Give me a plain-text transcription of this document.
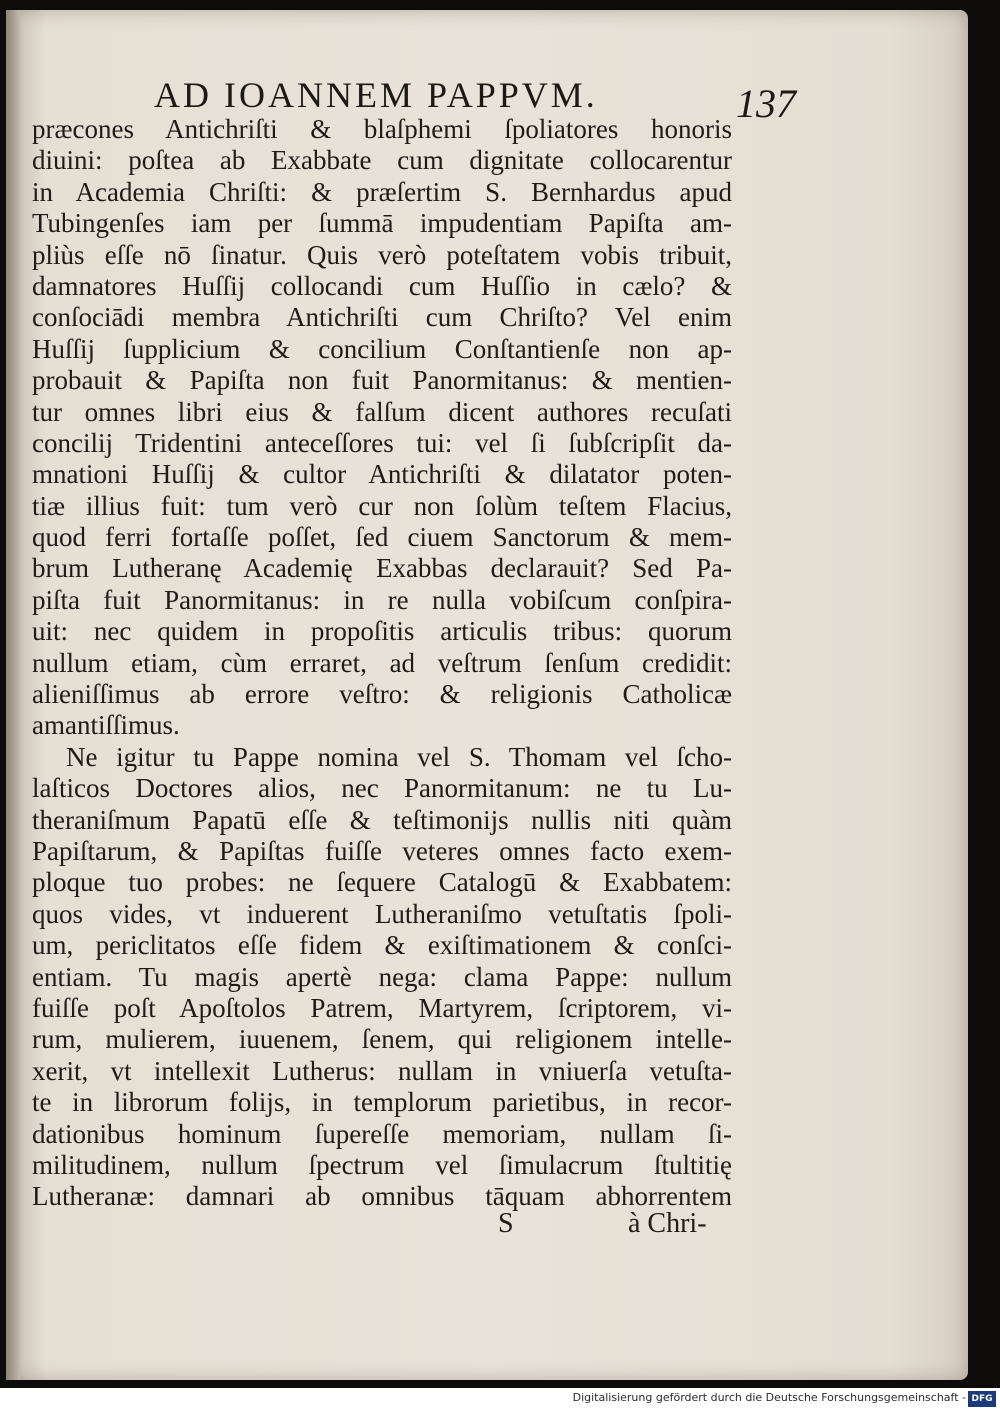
AD IOANNEM PAPPVM.	137
præcones Antichriſti & blaſphemi ſpoliatores honoris
diuini: poſtea ab Exabbate cum dignitate collocarentur
in Academia Chriſti: & præſertim S. Bernhardus apud
Tubingenſes iam per ſummā impudentiam Papiſta am-
pliùs eſſe nō ſinatur. Quis verò poteſtatem vobis tribuit,
damnatores Huſſij collocandi cum Huſſio in cælo? &
conſociādi membra Antichriſti cum Chriſto? Vel enim
Huſſij ſupplicium & concilium Conſtantienſe non ap-
probauit & Papiſta non fuit Panormitanus: & mentien-
tur omnes libri eius & falſum dicent authores recuſati
concilij Tridentini anteceſſores tui: vel ſi ſubſcripſit da-
mnationi Huſſij & cultor Antichriſti & dilatator poten-
tiæ illius fuit: tum verò cur non ſolùm teſtem Flacius,
quod ferri fortaſſe poſſet, ſed ciuem Sanctorum & mem-
brum Lutheranę Academię Exabbas declarauit? Sed Pa-
piſta fuit Panormitanus: in re nulla vobiſcum conſpira-
uit: nec quidem in propoſitis articulis tribus: quorum
nullum etiam, cùm erraret, ad veſtrum ſenſum credidit:
alieniſſimus ab errore veſtro: & religionis Catholicæ
amantiſſimus.
Ne igitur tu Pappe nomina vel S. Thomam vel ſcho-
laſticos Doctores alios, nec Panormitanum: ne tu Lu-
theraniſmum Papatū eſſe & teſtimonijs nullis niti quàm
Papiſtarum, & Papiſtas fuiſſe veteres omnes facto exem-
ploque tuo probes: ne ſequere Catalogū & Exabbatem:
quos vides, vt induerent Lutheraniſmo vetuſtatis ſpoli-
um, periclitatos eſſe fidem & exiſtimationem & conſci-
entiam. Tu magis apertè nega: clama Pappe: nullum
fuiſſe poſt Apoſtolos Patrem, Martyrem, ſcriptorem, vi-
rum, mulierem, iuuenem, ſenem, qui religionem intelle-
xerit, vt intellexit Lutherus: nullam in vniuerſa vetuſta-
te in librorum folijs, in templorum parietibus, in recor-
dationibus hominum ſupereſſe memoriam, nullam ſi-
militudinem, nullum ſpectrum vel ſimulacrum ſtultitię
Lutheranæ: damnari ab omnibus tāquam abhorrentem
S	à Chri-
Digitalisierung gefördert durch die Deutsche Forschungsgemeinschaft - DFG
